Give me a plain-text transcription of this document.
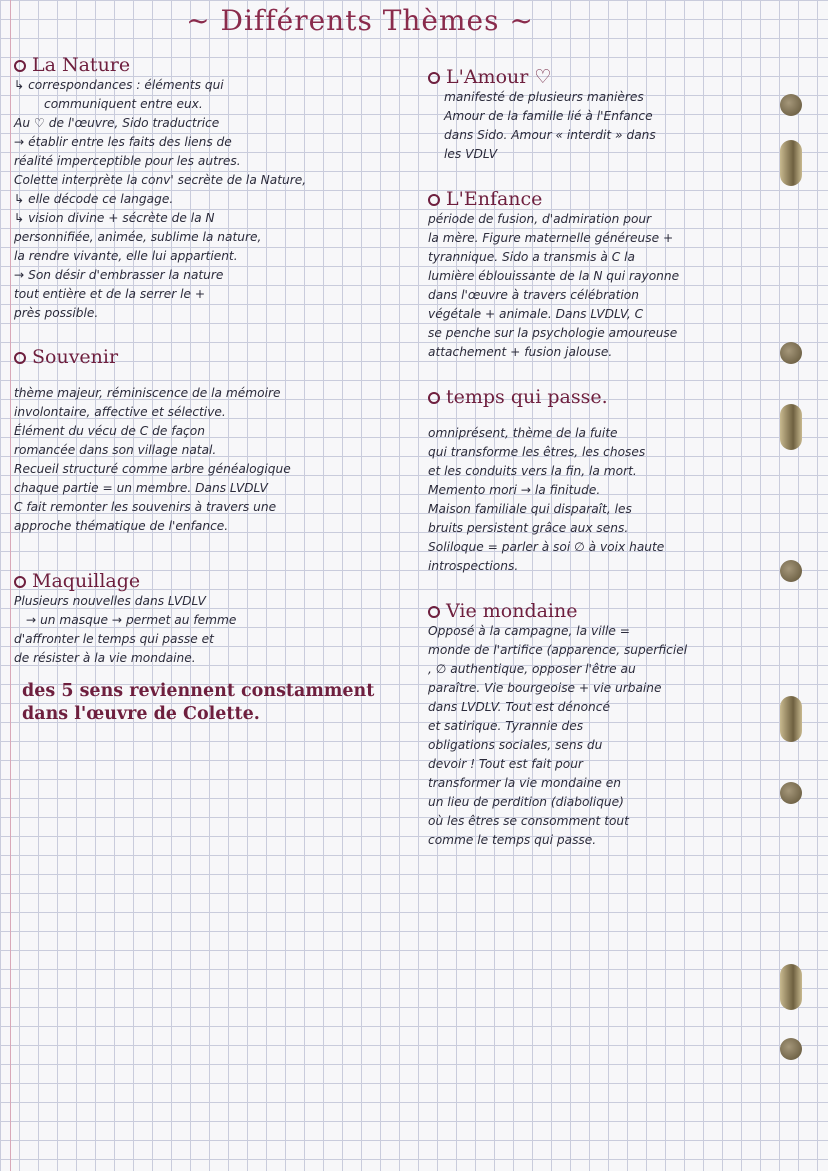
~ Différents Thèmes ~
La Nature
↳ correspondances : éléments qui
communiquent entre eux.
Au ♡ de l'œuvre, Sido traductrice
→ établir entre les faits des liens de
réalité imperceptible pour les autres.
Colette interprète la conv' secrète de la Nature,
↳ elle décode ce langage.
↳ vision divine + sécrète de la N
personnifiée, animée, sublime la nature,
la rendre vivante, elle lui appartient.
→ Son désir d'embrasser la nature
tout entière et de la serrer le +
près possible.
Souvenir
thème majeur, réminiscence de la mémoire
involontaire, affective et sélective.
Élément du vécu de C de façon
romancée dans son village natal.
Recueil structuré comme arbre généalogique
chaque partie = un membre. Dans LVDLV
C fait remonter les souvenirs à travers une
approche thématique de l'enfance.
Maquillage
Plusieurs nouvelles dans LVDLV
→ un masque → permet au femme
d'affronter le temps qui passe et
de résister à la vie mondaine.
des 5 sens reviennent constamment
dans l'œuvre de Colette.
L'Amour ♡
manifesté de plusieurs manières
Amour de la famille lié à l'Enfance
dans Sido. Amour « interdit » dans
les VDLV
L'Enfance
période de fusion, d'admiration pour
la mère. Figure maternelle généreuse +
tyrannique. Sido a transmis à C la
lumière éblouissante de la N qui rayonne
dans l'œuvre à travers célébration
végétale + animale. Dans LVDLV, C
se penche sur la psychologie amoureuse
attachement + fusion jalouse.
temps qui passe.
omniprésent, thème de la fuite
qui transforme les êtres, les choses
et les conduits vers la fin, la mort.
Memento mori → la finitude.
Maison familiale qui disparaît, les
bruits persistent grâce aux sens.
Soliloque = parler à soi ∅ à voix haute
introspections.
Vie mondaine
Opposé à la campagne, la ville =
monde de l'artifice (apparence, superficiel
, ∅ authentique, opposer l'être au
paraître. Vie bourgeoise + vie urbaine
dans LVDLV. Tout est dénoncé
et satirique. Tyrannie des
obligations sociales, sens du
devoir ! Tout est fait pour
transformer la vie mondaine en
un lieu de perdition (diabolique)
où les êtres se consomment tout
comme le temps qui passe.
